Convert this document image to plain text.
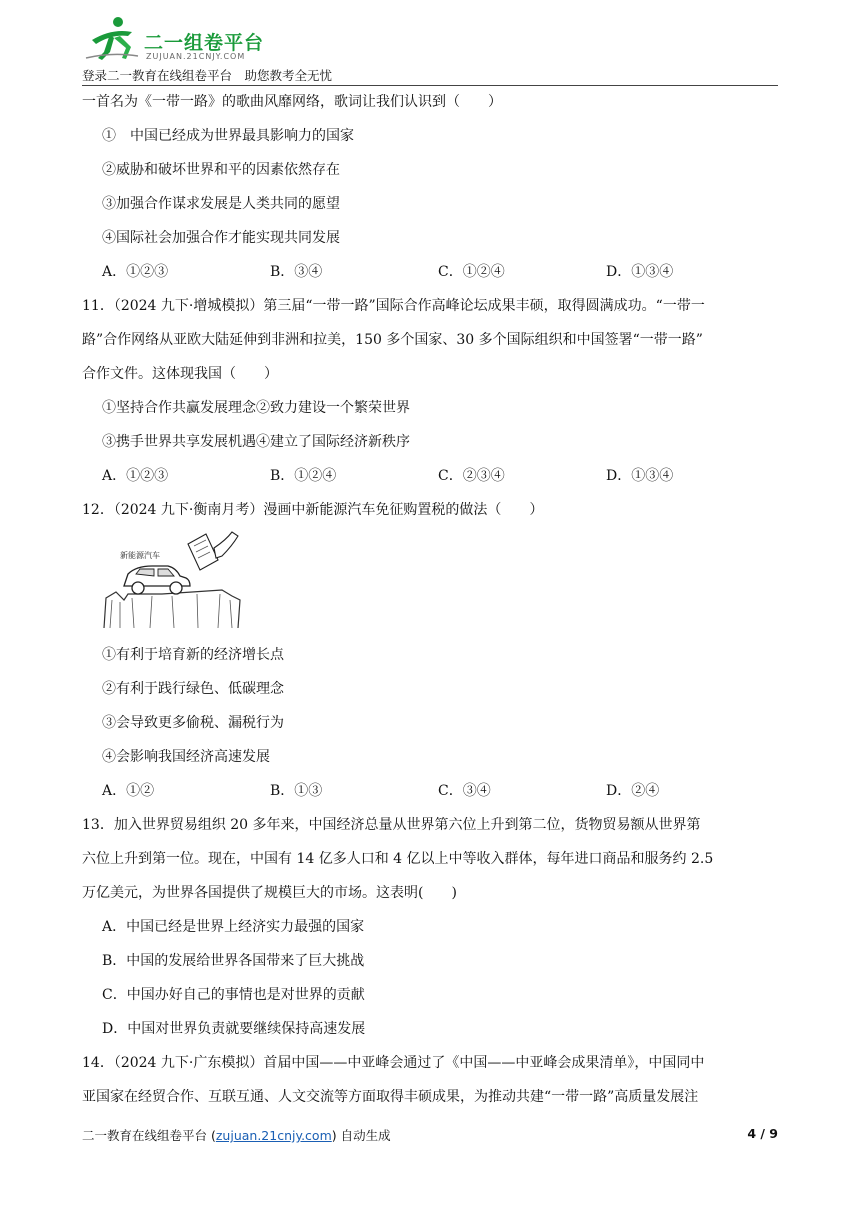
二一组卷平台
ZUJUAN.21CNJY.COM
登录二一教育在线组卷平台　助您教考全无忧
一首名为《一带一路》的歌曲风靡网络，歌词让我们认识到（　　）
①　中国已经成为世界最具影响力的国家
②威胁和破坏世界和平的因素依然存在
③加强合作谋求发展是人类共同的愿望
④国际社会加强合作才能实现共同发展
A．①②③	B．③④	C．①②④	D．①③④
11．（2024 九下·增城模拟）第三届“一带一路”国际合作高峰论坛成果丰硕，取得圆满成功。“一带一
路”合作网络从亚欧大陆延伸到非洲和拉美，150 多个国家、30 多个国际组织和中国签署“一带一路”
合作文件。这体现我国（　　）
①坚持合作共赢发展理念②致力建设一个繁荣世界
③携手世界共享发展机遇④建立了国际经济新秩序
A．①②③	B．①②④	C．②③④	D．①③④
12．（2024 九下·衡南月考）漫画中新能源汽车免征购置税的做法（　　）
新能源汽车
①有利于培育新的经济增长点
②有利于践行绿色、低碳理念
③会导致更多偷税、漏税行为
④会影响我国经济高速发展
A．①②	B．①③	C．③④	D．②④
13．加入世界贸易组织 20 多年来，中国经济总量从世界第六位上升到第二位，货物贸易额从世界第
六位上升到第一位。现在，中国有 14 亿多人口和 4 亿以上中等收入群体，每年进口商品和服务约 2.5
万亿美元，为世界各国提供了规模巨大的市场。这表明(　　)
A．中国已经是世界上经济实力最强的国家
B．中国的发展给世界各国带来了巨大挑战
C．中国办好自己的事情也是对世界的贡献
D．中国对世界负责就要继续保持高速发展
14．（2024 九下·广东模拟）首届中国——中亚峰会通过了《中国——中亚峰会成果清单》，中国同中
亚国家在经贸合作、互联互通、人文交流等方面取得丰硕成果，为推动共建“一带一路”高质量发展注
二一教育在线组卷平台 (zujuan.21cnjy.com) 自动生成	4 / 9
